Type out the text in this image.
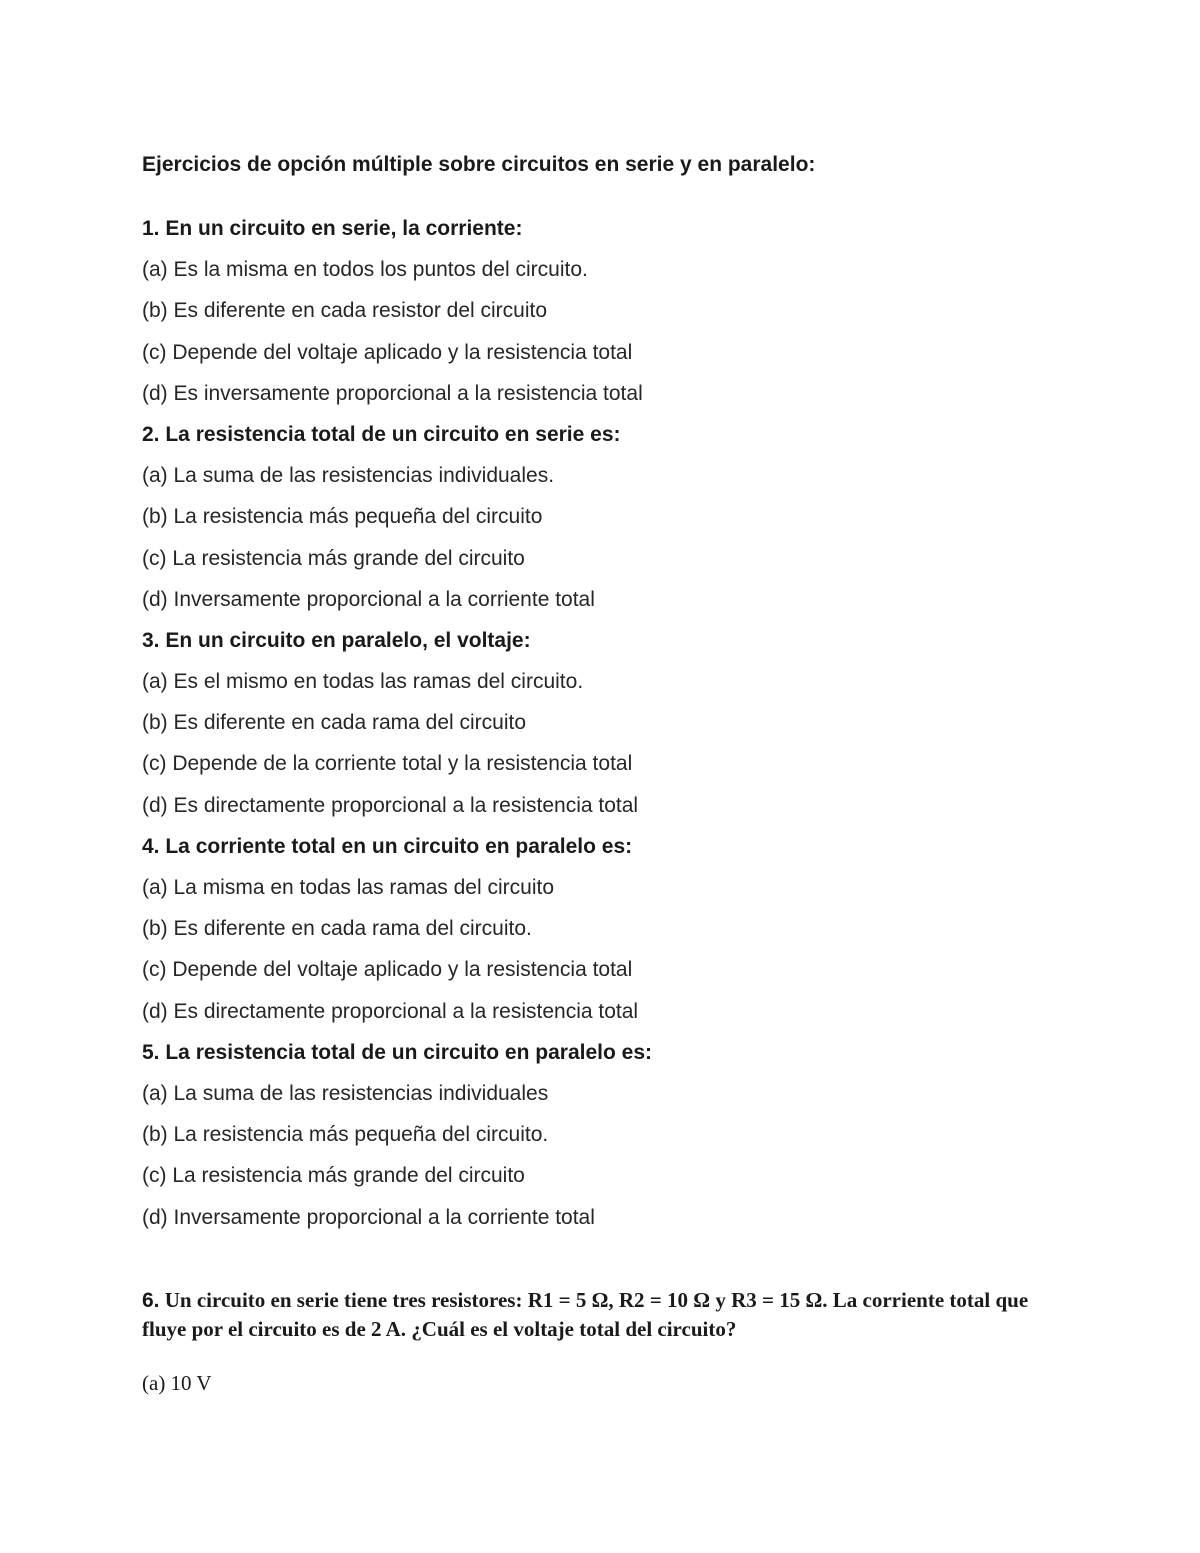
Ejercicios de opción múltiple sobre circuitos en serie y en paralelo:
1. En un circuito en serie, la corriente:
(a) Es la misma en todos los puntos del circuito.
(b) Es diferente en cada resistor del circuito
(c) Depende del voltaje aplicado y la resistencia total
(d) Es inversamente proporcional a la resistencia total
2. La resistencia total de un circuito en serie es:
(a) La suma de las resistencias individuales.
(b) La resistencia más pequeña del circuito
(c) La resistencia más grande del circuito
(d) Inversamente proporcional a la corriente total
3. En un circuito en paralelo, el voltaje:
(a) Es el mismo en todas las ramas del circuito.
(b) Es diferente en cada rama del circuito
(c) Depende de la corriente total y la resistencia total
(d) Es directamente proporcional a la resistencia total
4. La corriente total en un circuito en paralelo es:
(a) La misma en todas las ramas del circuito
(b) Es diferente en cada rama del circuito.
(c) Depende del voltaje aplicado y la resistencia total
(d) Es directamente proporcional a la resistencia total
5. La resistencia total de un circuito en paralelo es:
(a) La suma de las resistencias individuales
(b) La resistencia más pequeña del circuito.
(c) La resistencia más grande del circuito
(d) Inversamente proporcional a la corriente total
6. Un circuito en serie tiene tres resistores: R1 = 5 Ω, R2 = 10 Ω y R3 = 15 Ω. La corriente total que fluye por el circuito es de 2 A. ¿Cuál es el voltaje total del circuito?
(a) 10 V
